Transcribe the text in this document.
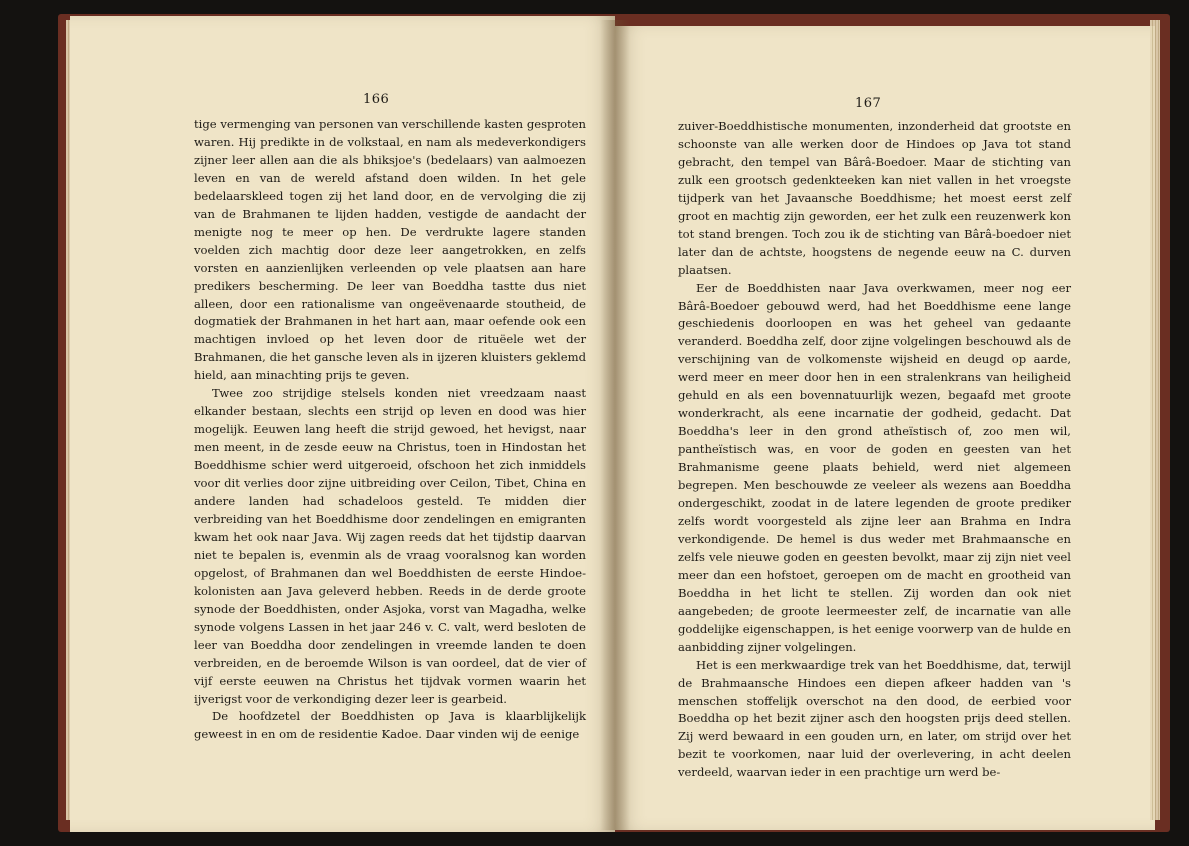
166

tige vermenging van personen van verschillende kasten gesproten waren. Hij predikte in de volkstaal, en nam als medeverkondigers zijner leer allen aan die als bhiksjoe's (bedelaars) van aalmoezen leven en van de wereld afstand doen wilden. In het gele bedelaarskleed togen zij het land door, en de vervolging die zij van de Brahmanen te lijden hadden, vestigde de aandacht der menigte nog te meer op hen. De verdrukte lagere standen voelden zich machtig door deze leer aangetrokken, en zelfs vorsten en aanzienlijken verleenden op vele plaatsen aan hare predikers bescherming. De leer van Boeddha tastte dus niet alleen, door een rationalisme van ongeëvenaarde stoutheid, de dogmatiek der Brahmanen in het hart aan, maar oefende ook een machtigen invloed op het leven door de rituëele wet der Brahmanen, die het gansche leven als in ijzeren kluisters geklemd hield, aan minachting prijs te geven.

Twee zoo strijdige stelsels konden niet vreedzaam naast elkander bestaan, slechts een strijd op leven en dood was hier mogelijk. Eeuwen lang heeft die strijd gewoed, het hevigst, naar men meent, in de zesde eeuw na Christus, toen in Hindostan het Boeddhisme schier werd uitgeroeid, ofschoon het zich inmiddels voor dit verlies door zijne uitbreiding over Ceilon, Tibet, China en andere landen had schadeloos gesteld. Te midden dier verbreiding van het Boeddhisme door zendelingen en emigranten kwam het ook naar Java. Wij zagen reeds dat het tijdstip daarvan niet te bepalen is, evenmin als de vraag vooralsnog kan worden opgelost, of Brahmanen dan wel Boeddhisten de eerste Hindoe-kolonisten aan Java geleverd hebben. Reeds in de derde groote synode der Boeddhisten, onder Asjoka, vorst van Magadha, welke synode volgens Lassen in het jaar 246 v. C. valt, werd besloten de leer van Boeddha door zendelingen in vreemde landen te doen verbreiden, en de beroemde Wilson is van oordeel, dat de vier of vijf eerste eeuwen na Christus het tijdvak vormen waarin het ijverigst voor de verkondiging dezer leer is gearbeid.

De hoofdzetel der Boeddhisten op Java is klaarblijkelijk geweest in en om de residentie Kadoe. Daar vinden wij de eenige

167

zuiver-Boeddhistische monumenten, inzonderheid dat grootste en schoonste van alle werken door de Hindoes op Java tot stand gebracht, den tempel van Bârâ-Boedoer. Maar de stichting van zulk een grootsch gedenkteeken kan niet vallen in het vroegste tijdperk van het Javaansche Boeddhisme; het moest eerst zelf groot en machtig zijn geworden, eer het zulk een reuzenwerk kon tot stand brengen. Toch zou ik de stichting van Bârâ-boedoer niet later dan de achtste, hoogstens de negende eeuw na C. durven plaatsen.

Eer de Boeddhisten naar Java overkwamen, meer nog eer Bârâ-Boedoer gebouwd werd, had het Boeddhisme eene lange geschiedenis doorloopen en was het geheel van gedaante veranderd. Boeddha zelf, door zijne volgelingen beschouwd als de verschijning van de volkomenste wijsheid en deugd op aarde, werd meer en meer door hen in een stralenkrans van heiligheid gehuld en als een bovennatuurlijk wezen, begaafd met groote wonderkracht, als eene incarnatie der godheid, gedacht. Dat Boeddha's leer in den grond atheïstisch of, zoo men wil, pantheïstisch was, en voor de goden en geesten van het Brahmanisme geene plaats behield, werd niet algemeen begrepen. Men beschouwde ze veeleer als wezens aan Boeddha ondergeschikt, zoodat in de latere legenden de groote prediker zelfs wordt voorgesteld als zijne leer aan Brahma en Indra verkondigende. De hemel is dus weder met Brahmaansche en zelfs vele nieuwe goden en geesten bevolkt, maar zij zijn niet veel meer dan een hofstoet, geroepen om de macht en grootheid van Boeddha in het licht te stellen. Zij worden dan ook niet aangebeden; de groote leermeester zelf, de incarnatie van alle goddelijke eigenschappen, is het eenige voorwerp van de hulde en aanbidding zijner volgelingen.

Het is een merkwaardige trek van het Boeddhisme, dat, terwijl de Brahmaansche Hindoes een diepen afkeer hadden van 's menschen stoffelijk overschot na den dood, de eerbied voor Boeddha op het bezit zijner asch den hoogsten prijs deed stellen. Zij werd bewaard in een gouden urn, en later, om strijd over het bezit te voorkomen, naar luid der overlevering, in acht deelen verdeeld, waarvan ieder in een prachtige urn werd be-
